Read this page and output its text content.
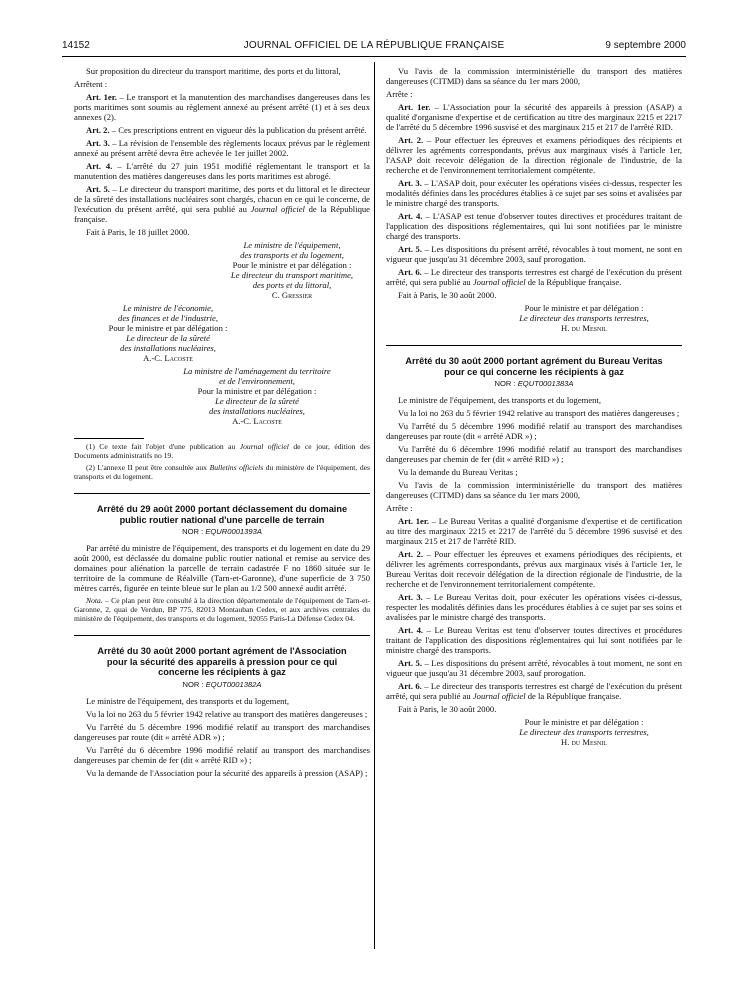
14152	JOURNAL OFFICIEL DE LA RÉPUBLIQUE FRANÇAISE	9 septembre 2000

Sur proposition du directeur du transport maritime, des ports et du littoral,

Arrêtent :

Art. 1er. – Le transport et la manutention des marchandises dangereuses dans les ports maritimes sont soumis au règlement annexé au présent arrêté (1) et à ses deux annexes (2).

Art. 2. – Ces prescriptions entrent en vigueur dès la publication du présent arrêté.

Art. 3. – La révision de l'ensemble des règlements locaux prévus par le règlement annexé au présent arrêté devra être achevée le 1er juillet 2002.

Art. 4. – L'arrêté du 27 juin 1951 modifié réglementant le transport et la manutention des matières dangereuses dans les ports maritimes est abrogé.

Art. 5. – Le directeur du transport maritime, des ports et du littoral et le directeur de la sûreté des installations nucléaires sont chargés, chacun en ce qui le concerne, de l'exécution du présent arrêté, qui sera publié au Journal officiel de la République française.

Fait à Paris, le 18 juillet 2000.

Le ministre de l'équipement,
des transports et du logement,
Pour le ministre et par délégation :
Le directeur du transport maritime,
des ports et du littoral,
C. Gressier
Le ministre de l'économie,
des finances et de l'industrie,
Pour le ministre et par délégation :
Le directeur de la sûreté
des installations nucléaires,
A.-C. Lacoste
La ministre de l'aménagement du territoire
et de l'environnement,
Pour la ministre et par délégation :
Le directeur de la sûreté
des installations nucléaires,
A.-C. Lacoste

(1) Ce texte fait l'objet d'une publication au Journal officiel de ce jour, édition des Documents administratifs no 19.

(2) L'annexe II peut être consultée aux Bulletins officiels du ministère de l'équipement, des transports et du logement.

Arrêté du 29 août 2000 portant déclassement du domaine public routier national d'une parcelle de terrain
NOR : EQUR0001393A

Par arrêté du ministre de l'équipement, des transports et du logement en date du 29 août 2000, est déclassée du domaine public routier national et remise au service des domaines pour aliénation la parcelle de terrain cadastrée F no 1860 située sur le territoire de la commune de Réalville (Tarn-et-Garonne), d'une superficie de 3 750 mètres carrés, figurée en teinte bleue sur le plan au 1/2 500 annexé audit arrêté.

Nota. – Ce plan peut être consulté à la direction départementale de l'équipement de Tarn-et-Garonne, 2, quai de Verdun, BP 775, 82013 Montauban Cedex, et aux archives centrales du ministère de l'équipement, des transports et du logement, 92055 Paris-La Défense Cedex 04.

Arrêté du 30 août 2000 portant agrément de l'Association pour la sécurité des appareils à pression pour ce qui concerne les récipients à gaz
NOR : EQUT0001382A

Le ministre de l'équipement, des transports et du logement,

Vu la loi no 263 du 5 février 1942 relative au transport des matières dangereuses ;

Vu l'arrêté du 5 décembre 1996 modifié relatif au transport des marchandises dangereuses par route (dit « arrêté ADR ») ;

Vu l'arrêté du 6 décembre 1996 modifié relatif au transport des marchandises dangereuses par chemin de fer (dit « arrêté RID ») ;

Vu la demande de l'Association pour la sécurité des appareils à pression (ASAP) ;

Vu l'avis de la commission interministérielle du transport des matières dangereuses (CITMD) dans sa séance du 1er mars 2000,

Arrête :

Art. 1er. – L'Association pour la sécurité des appareils à pression (ASAP) a qualité d'organisme d'expertise et de certification au titre des marginaux 2215 et 2217 de l'arrêté du 5 décembre 1996 susvisé et des marginaux 215 et 217 de l'arrêté RID.

Art. 2. – Pour effectuer les épreuves et examens périodiques des récipients et délivrer les agréments correspondants, prévus aux marginaux visés à l'article 1er, l'ASAP doit recevoir délégation de la direction régionale de l'industrie, de la recherche et de l'environnement territorialement compétente.

Art. 3. – L'ASAP doit, pour exécuter les opérations visées ci-dessus, respecter les modalités définies dans les procédures établies à ce sujet par ses soins et avalisées par le ministre chargé des transports.

Art. 4. – L'ASAP est tenue d'observer toutes directives et procédures traitant de l'application des dispositions réglementaires, qui lui sont notifiées par le ministre chargé des transports.

Art. 5. – Les dispositions du présent arrêté, révocables à tout moment, ne sont en vigueur que jusqu'au 31 décembre 2003, sauf prorogation.

Art. 6. – Le directeur des transports terrestres est chargé de l'exécution du présent arrêté, qui sera publié au Journal officiel de la République française.

Fait à Paris, le 30 août 2000.

Pour le ministre et par délégation :
Le directeur des transports terrestres,
H. du Mesnil
Arrêté du 30 août 2000 portant agrément du Bureau Veritas pour ce qui concerne les récipients à gaz
NOR : EQUT0001383A

Le ministre de l'équipement, des transports et du logement,

Vu la loi no 263 du 5 février 1942 relative au transport des matières dangereuses ;

Vu l'arrêté du 5 décembre 1996 modifié relatif au transport des marchandises dangereuses par route (dit « arrêté ADR ») ;

Vu l'arrêté du 6 décembre 1996 modifié relatif au transport des marchandises dangereuses par chemin de fer (dit « arrêté RID ») ;

Vu la demande du Bureau Veritas ;

Vu l'avis de la commission interministérielle du transport des matières dangereuses (CITMD) dans sa séance du 1er mars 2000,

Arrête :

Art. 1er. – Le Bureau Veritas a qualité d'organisme d'expertise et de certification au titre des marginaux 2215 et 2217 de l'arrêté du 5 décembre 1996 susvisé et des marginaux 215 et 217 de l'arrêté RID.

Art. 2. – Pour effectuer les épreuves et examens périodiques des récipients, et délivrer les agréments correspondants, prévus aux marginaux visés à l'article 1er, le Bureau Veritas doit recevoir délégation de la direction régionale de l'industrie, de la recherche et de l'environnement territorialement compétente.

Art. 3. – Le Bureau Veritas doit, pour exécuter les opérations visées ci-dessus, respecter les modalités définies dans les procédures établies à ce sujet par ses soins et avalisées par le ministre chargé des transports.

Art. 4. – Le Bureau Veritas est tenu d'observer toutes directives et procédures traitant de l'application des dispositions réglementaires qui lui sont notifiées par le ministre chargé des transports.

Art. 5. – Les dispositions du présent arrêté, révocables à tout moment, ne sont en vigueur que jusqu'au 31 décembre 2003, sauf prorogation.

Art. 6. – Le directeur des transports terrestres est chargé de l'exécution du présent arrêté, qui sera publié au Journal officiel de la République française.

Fait à Paris, le 30 août 2000.

Pour le ministre et par délégation :
Le directeur des transports terrestres,
H. du Mesnil
